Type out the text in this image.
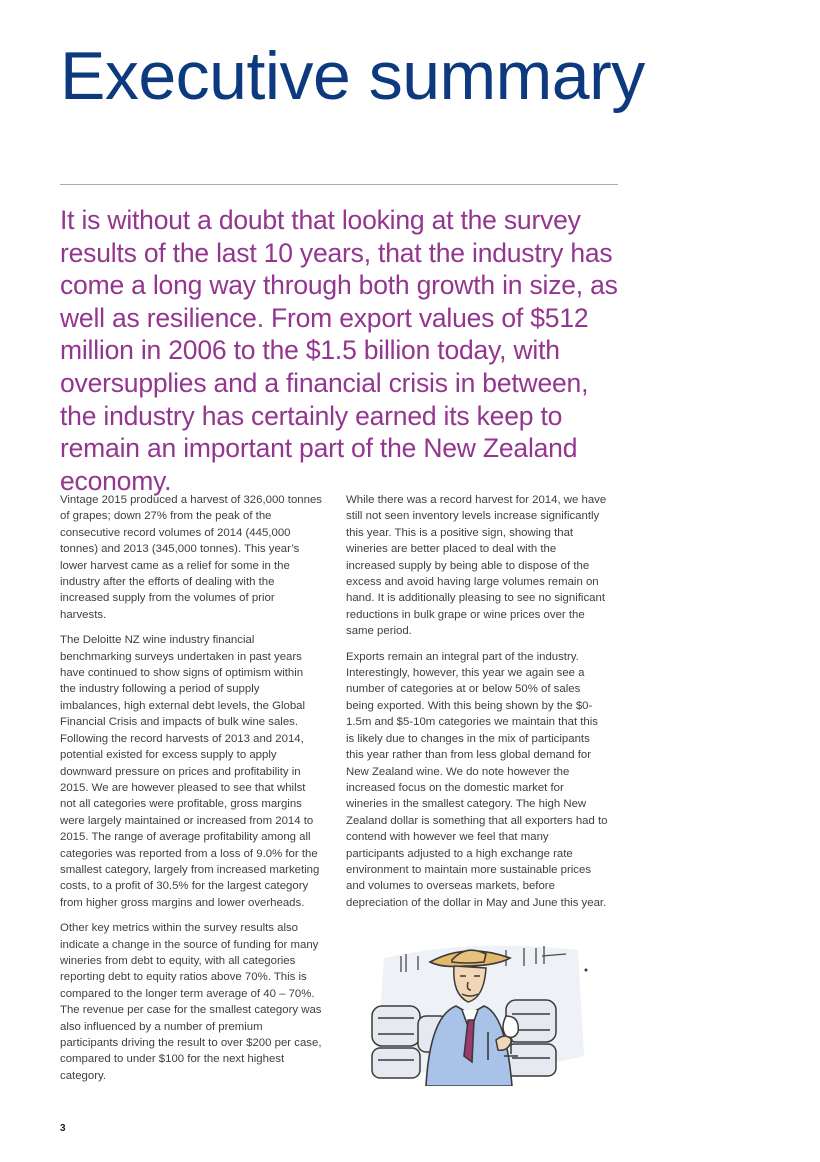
Executive summary

It is without a doubt that looking at the survey results of the last 10 years, that the industry has come a long way through both growth in size, as well as resilience. From export values of $512 million in 2006 to the $1.5 billion today, with oversupplies and a financial crisis in between, the industry has certainly earned its keep to remain an important part of the New Zealand economy.

Vintage 2015 produced a harvest of 326,000 tonnes of grapes; down 27% from the peak of the consecutive record volumes of 2014 (445,000 tonnes) and 2013 (345,000 tonnes). This year’s lower harvest came as a relief for some in the industry after the efforts of dealing with the increased supply from the volumes of prior harvests.

The Deloitte NZ wine industry financial benchmarking surveys undertaken in past years have continued to show signs of optimism within the industry following a period of supply imbalances, high external debt levels, the Global Financial Crisis and impacts of bulk wine sales. Following the record harvests of 2013 and 2014, potential existed for excess supply to apply downward pressure on prices and profitability in 2015. We are however pleased to see that whilst not all categories were profitable, gross margins were largely maintained or increased from 2014 to 2015. The range of average profitability among all categories was reported from a loss of 9.0% for the smallest category, largely from increased marketing costs, to a profit of 30.5% for the largest category from higher gross margins and lower overheads.

Other key metrics within the survey results also indicate a change in the source of funding for many wineries from debt to equity, with all categories reporting debt to equity ratios above 70%. This is compared to the longer term average of 40 – 70%. The revenue per case for the smallest category was also influenced by a number of premium participants driving the result to over $200 per case, compared to under $100 for the next highest category.

While there was a record harvest for 2014, we have still not seen inventory levels increase significantly this year. This is a positive sign, showing that wineries are better placed to deal with the increased supply by being able to dispose of the excess and avoid having large volumes remain on hand. It is additionally pleasing to see no significant reductions in bulk grape or wine prices over the same period.

Exports remain an integral part of the industry. Interestingly, however, this year we again see a number of categories at or below 50% of sales being exported. With this being shown by the $0-1.5m and $5-10m categories we maintain that this is likely due to changes in the mix of participants this year rather than from less global demand for New Zealand wine. We do note however the increased focus on the domestic market for wineries in the smallest category. The high New Zealand dollar is something that all exporters had to contend with however we feel that many participants adjusted to a high exchange rate environment to maintain more sustainable prices and volumes to overseas markets, before depreciation of the dollar in May and June this year.

3
